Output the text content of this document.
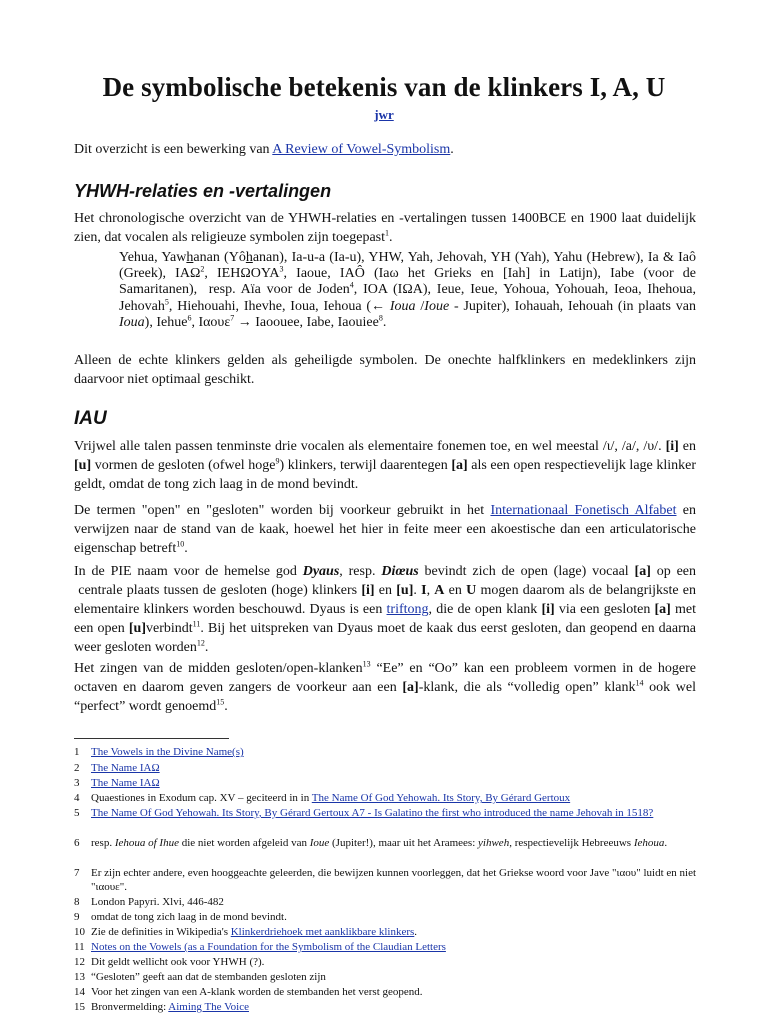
De symbolische betekenis van de klinkers I, A, U
jwr

Dit overzicht is een bewerking van A Review of Vowel-Symbolism.

YHWH-relaties en -vertalingen

Het chronologische overzicht van de YHWH-relaties en -vertalingen tussen 1400BCE en 1900 laat duidelijk zien, dat vocalen als religieuze symbolen zijn toegepast$^1$.

Yehua, Yawhanan (Yôhanan), Ia-u-a (Ia-u), YHW, Yah, Jehovah, YH (Yah), Yahu (Hebrew), Ia & Iaô (Greek), IAΩ$^2$, IEHΩOYA$^3$, Iaoue, IAÔ (Iaω het Grieks en [Iah] in Latijn), Iabe (voor de Samaritanen),  resp. Aïa voor de Joden$^4$, IOA (IΩA), Ieue, Ieue, Yohoua, Yohouah, Ieoa, Ihehoua, Jehovah$^5$, Hiehouahi, Ihevhe, Ioua, Iehoua (← Ioua /Ioue - Jupiter), Iohauah, Iehouah (in plaats van Ioua), Iehue$^6$, Ιαουε$^7$ → Iaoouee, Iabe, Iaouiee$^8$.

Alleen de echte klinkers gelden als geheiligde symbolen. De onechte halfklinkers en medeklinkers zijn daarvoor niet optimaal geschikt.

IAU

Vrijwel alle talen passen tenminste drie vocalen als elementaire fonemen toe, en wel meestal /ι/, /a/, /υ/. [i] en [u] vormen de gesloten (ofwel hoge$^9$) klinkers, terwijl daarentegen [a] als een open respectievelijk lage klinker geldt, omdat de tong zich laag in de mond bevindt.

De termen "open" en "gesloten" worden bij voorkeur gebruikt in het Internationaal Fonetisch Alfabet en verwijzen naar de stand van de kaak, hoewel het hier in feite meer een akoestische dan een articulatorische eigenschap betreft$^{10}$.

In de PIE naam voor de hemelse god Dyaus, resp. Diœus bevindt zich de open (lage) vocaal [a] op een  centrale plaats tussen de gesloten (hoge) klinkers [i] en [u]. I, A en U mogen daarom als de belangrijkste en elementaire klinkers worden beschouwd. Dyaus is een triftong, die de open klank [i] via een gesloten [a] met een open [u]verbindt$^{11}$. Bij het uitspreken van Dyaus moet de kaak dus eerst gesloten, dan geopend en daarna weer gesloten worden$^{12}$.

Het zingen van de midden gesloten/open-klanken$^{13}$ “Ee” en “Oo” kan een probleem vormen in de hogere octaven en daarom geven zangers de voorkeur aan een [a]-klank, die als “volledig open” klank$^{14}$ ook wel “perfect” wordt genoemd$^{15}$.

1	The Vowels in the Divine Name(s)
2	The Name IAΩ
3	The Name IAΩ
4	Quaestiones in Exodum cap. XV – geciteerd in in The Name Of God Yehowah. Its Story, By Gérard Gertoux
5	The Name Of God Yehowah. Its Story, By Gérard Gertoux A7 - Is Galatino the first who introduced the name Jehovah in 1518?
6	resp. Iehoua of Ihue die niet worden afgeleid van Ioue (Jupiter!), maar uit het Aramees: yihweh, respectievelijk Hebreeuws Iehoua.
7	Er zijn echter andere, even hooggeachte geleerden, die bewijzen kunnen voorleggen, dat het Griekse woord voor Jave "ιαου" luidt en niet "ιαουε".
8	London Papyri. Xlvi, 446-482
9	omdat de tong zich laag in de mond bevindt.
10 Zie de definities in Wikipedia's Klinkerdriehoek met aanklikbare klinkers.
11 Notes on the Vowels (as a Foundation for the Symbolism of the Claudian Letters
12 Dit geldt wellicht ook voor YHWH (?).
13 “Gesloten” geeft aan dat de stembanden gesloten zijn
14 Voor het zingen van een A-klank worden de stembanden het verst geopend.
15 Bronvermelding: Aiming The Voice
